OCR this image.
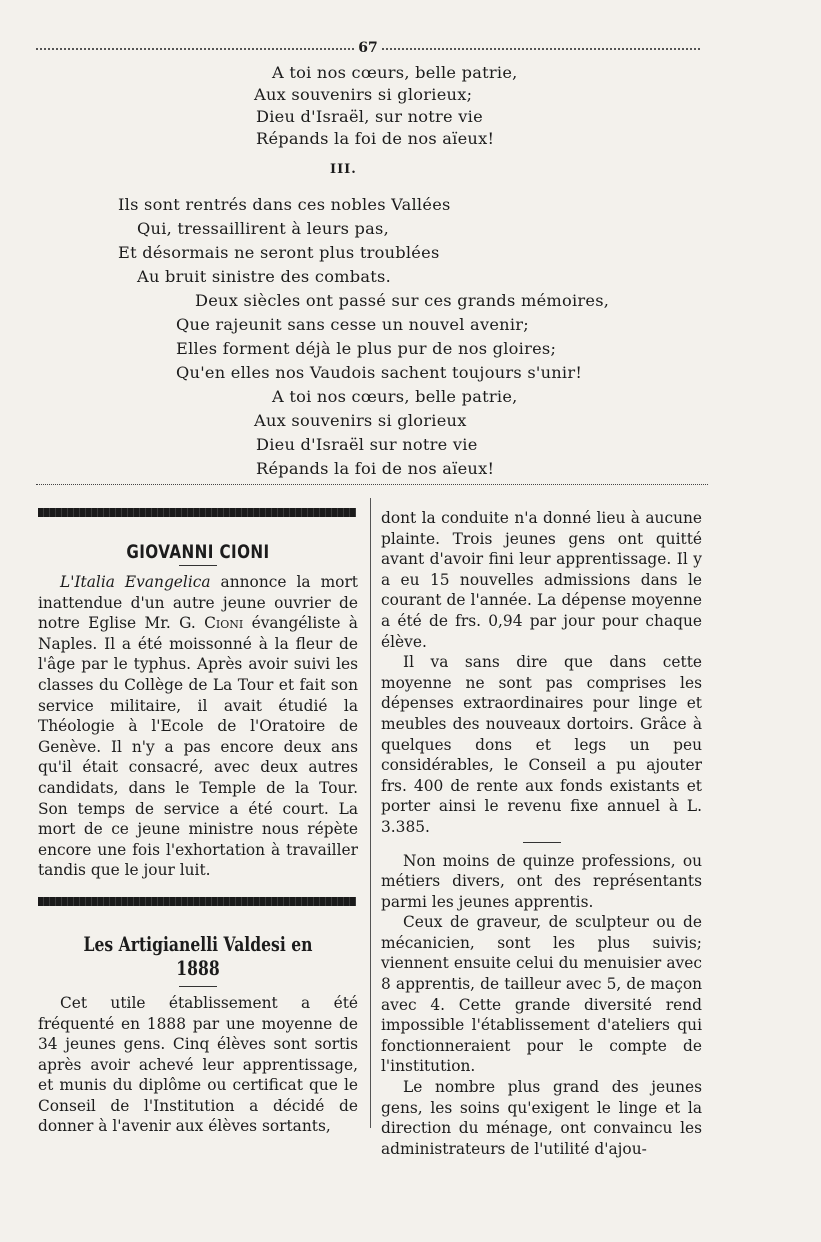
67
A toi nos cœurs, belle patrie,
Aux souvenirs si glorieux;
Dieu d'Israël, sur notre vie
Répands la foi de nos aïeux!
III.
Ils sont rentrés dans ces nobles Vallées
Qui, tressaillirent à leurs pas,
Et désormais ne seront plus troublées
Au bruit sinistre des combats.
Deux siècles ont passé sur ces grands mémoires,
Que rajeunit sans cesse un nouvel avenir;
Elles forment déjà le plus pur de nos gloires;
Qu'en elles nos Vaudois sachent toujours s'unir!
A toi nos cœurs, belle patrie,
Aux souvenirs si glorieux
Dieu d'Israël sur notre vie
Répands la foi de nos aïeux!
GIOVANNI CIONI

L'Italia Evangelica annonce la mort inattendue d'un autre jeune ouvrier de notre Eglise Mr. G. Cioni évangéliste à Naples. Il a été moissonné à la fleur de l'âge par le typhus. Après avoir suivi les classes du Collège de La Tour et fait son service militaire, il avait étudié la Théologie à l'Ecole de l'Oratoire de Genève. Il n'y a pas encore deux ans qu'il était consacré, avec deux autres candidats, dans le Temple de la Tour. Son temps de service a été court. La mort de ce jeune ministre nous répète encore une fois l'exhortation à travailler tandis que le jour luit.

Les Artigianelli Valdesi en 1888

Cet utile établissement a été fréquenté en 1888 par une moyenne de 34 jeunes gens. Cinq élèves sont sortis après avoir achevé leur apprentissage, et munis du diplôme ou certificat que le Conseil de l'Institution a décidé de donner à l'avenir aux élèves sortants,

dont la conduite n'a donné lieu à aucune plainte. Trois jeunes gens ont quitté avant d'avoir fini leur apprentissage. Il y a eu 15 nouvelles admissions dans le courant de l'année. La dépense moyenne a été de frs. 0,94 par jour pour chaque élève.

Il va sans dire que dans cette moyenne ne sont pas comprises les dépenses extraordinaires pour linge et meubles des nouveaux dortoirs. Grâce à quelques dons et legs un peu considérables, le Conseil a pu ajouter frs. 400 de rente aux fonds existants et porter ainsi le revenu fixe annuel à L. 3.385.

Non moins de quinze professions, ou métiers divers, ont des représentants parmi les jeunes apprentis.

Ceux de graveur, de sculpteur ou de mécanicien, sont les plus suivis; viennent ensuite celui du menuisier avec 8 apprentis, de tailleur avec 5, de maçon avec 4. Cette grande diversité rend impossible l'établissement d'ateliers qui fonctionneraient pour le compte de l'institution.

Le nombre plus grand des jeunes gens, les soins qu'exigent le linge et la direction du ménage, ont convaincu les administrateurs de l'utilité d'ajou-
